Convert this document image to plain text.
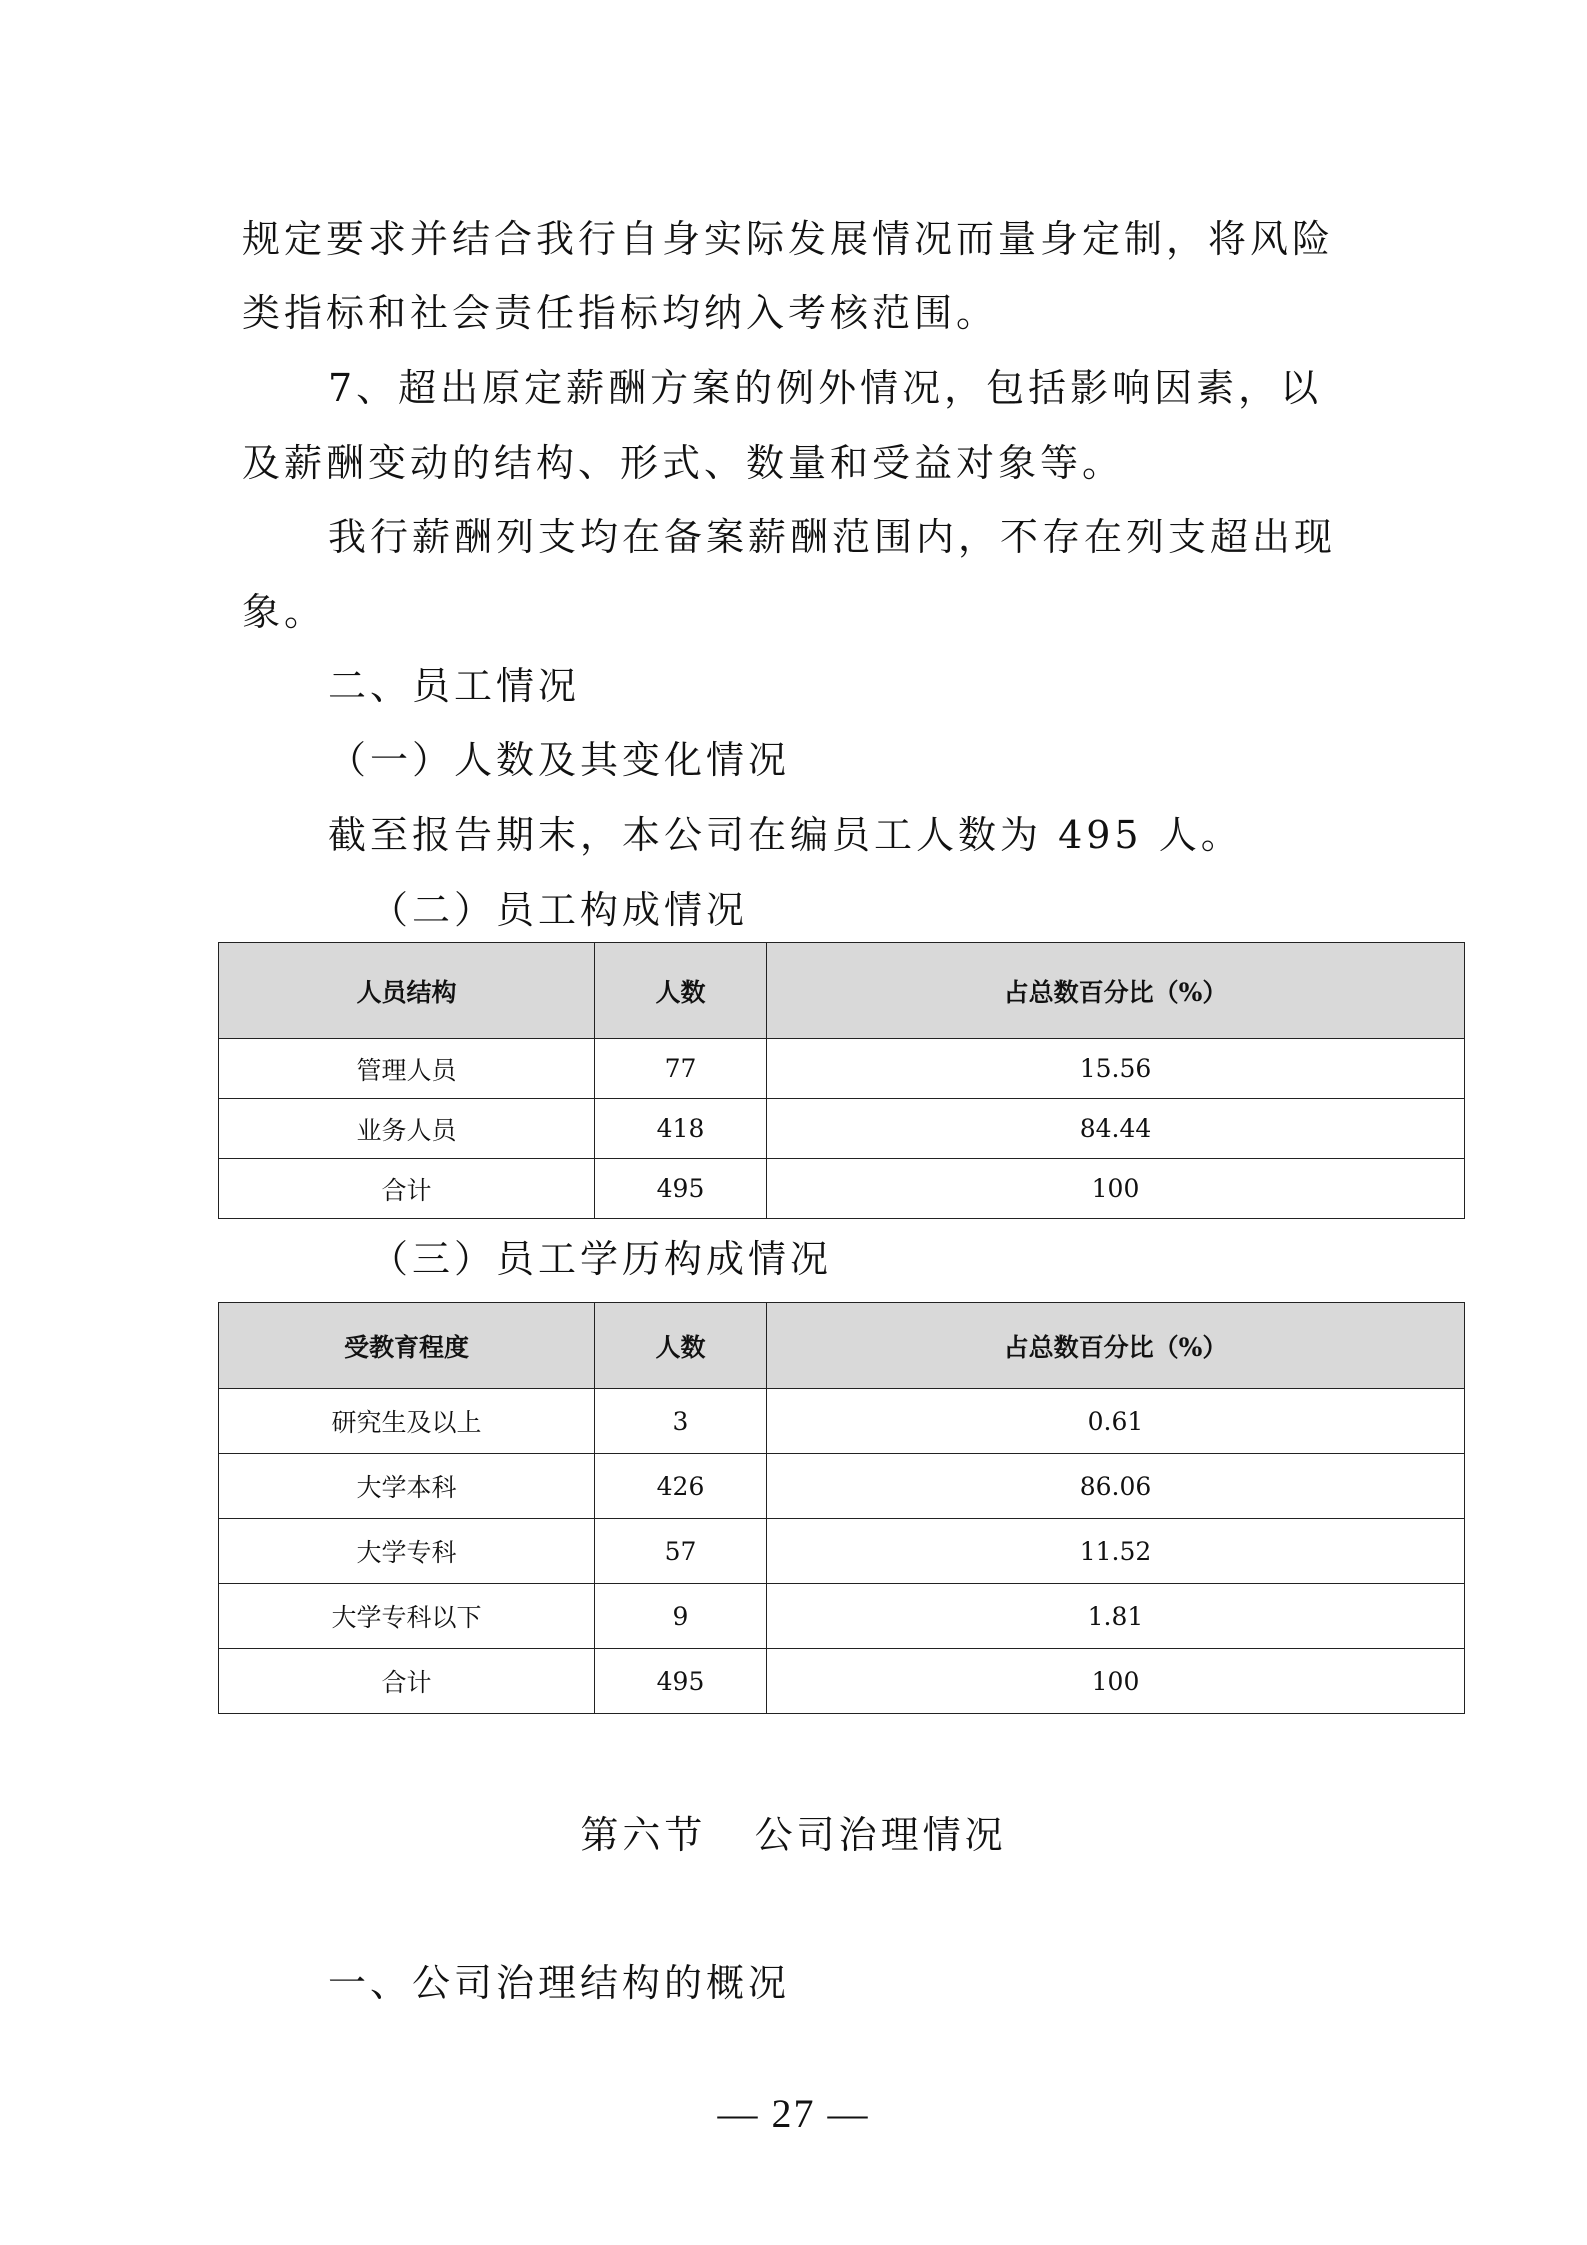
规定要求并结合我行自身实际发展情况而量身定制，将风险
类指标和社会责任指标均纳入考核范围。
7、超出原定薪酬方案的例外情况，包括影响因素，以
及薪酬变动的结构、形式、数量和受益对象等。
我行薪酬列支均在备案薪酬范围内，不存在列支超出现
象。
二、员工情况
（一）人数及其变化情况
截至报告期末，本公司在编员工人数为 495 人。
（二）员工构成情况
人员结构	人数	占总数百分比（%）
管理人员	77	15.56
业务人员	418	84.44
合计	495	100
（三）员工学历构成情况
受教育程度	人数	占总数百分比（%）
研究生及以上	3	0.61
大学本科	426	86.06
大学专科	57	11.52
大学专科以下	9	1.81
合计	495	100
第六节   公司治理情况
一、公司治理结构的概况
— 27 —
